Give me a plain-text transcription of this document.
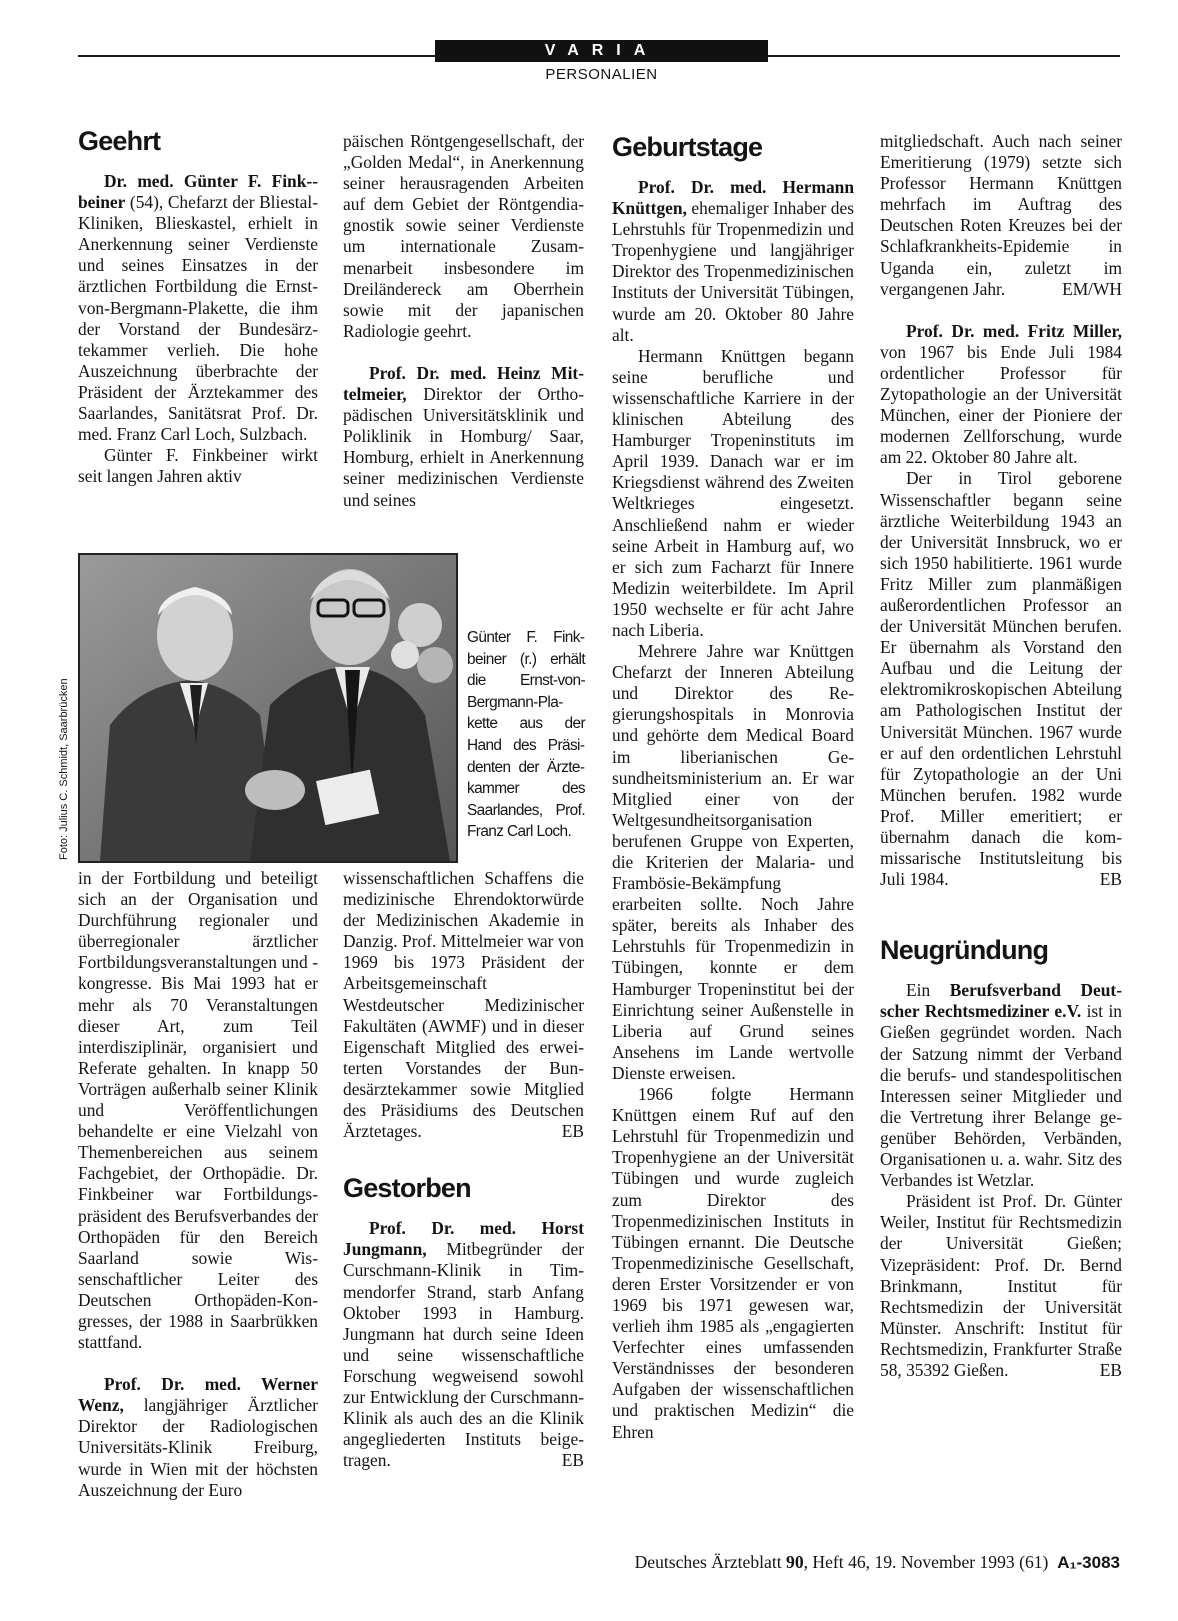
VARIA
PERSONALIEN
Geehrt

Dr. med. Günter F. Fink-beiner (54), Chefarzt der Bliestal-Kliniken, Blieskastel, erhielt in Anerkennung seiner Verdienste und seines Einsatzes in der ärztlichen Fortbildung die Ernst-von-Bergmann-Plakette, die ihm der Vorstand der Bundesärztekammer verlieh. Die hohe Auszeichnung überbrachte der Präsident der Ärztekammer des Saarlandes, Sanitätsrat Prof. Dr. med. Franz Carl Loch, Sulzbach.

Günter F. Finkbeiner wirkt seit langen Jahren aktiv

päischen Röntgengesellschaft, der „Golden Medal“, in Anerkennung seiner herausragenden Arbeiten auf dem Gebiet der Röntgendiagnostik sowie seiner Verdienste um internationale Zusammenarbeit insbesondere im Dreiländereck am Oberrhein sowie mit der japanischen Radiologie geehrt.

Prof. Dr. med. Heinz Mittelmeier, Direktor der Orthopädischen Universitätsklinik und Poliklinik in Homburg/ Saar, Homburg, erhielt in Anerkennung seiner medizinischen Verdienste und seines

Foto: Julius C. Schmidt, Saarbrücken
Günter F. Finkbeiner (r.) erhält die Ernst-von-Bergmann-Plakette aus der Hand des Präsidenten der Ärztekammer des Saarlandes, Prof. Franz Carl Loch.

in der Fortbildung und beteiligt sich an der Organisation und Durchführung regionaler und überregionaler ärztlicher Fortbildungsveranstaltungen und -kongresse. Bis Mai 1993 hat er mehr als 70 Veranstaltungen dieser Art, zum Teil interdisziplinär, organisiert und Referate gehalten. In knapp 50 Vorträgen außerhalb seiner Klinik und Veröffentlichungen behandelte er eine Vielzahl von Themenbereichen aus seinem Fachgebiet, der Orthopädie. Dr. Finkbeiner war Fortbildungspräsident des Berufsverbandes der Orthopäden für den Bereich Saarland sowie Wissenschaftlicher Leiter des Deutschen Orthopäden-Kongresses, der 1988 in Saarbrükken stattfand.

Prof. Dr. med. Werner Wenz, langjähriger Ärztlicher Direktor der Radiologischen Universitäts-Klinik Freiburg, wurde in Wien mit der höchsten Auszeichnung der Euro

wissenschaftlichen Schaffens die medizinische Ehrendoktorwürde der Medizinischen Akademie in Danzig. Prof. Mittelmeier war von 1969 bis 1973 Präsident der Arbeitsgemeinschaft Westdeutscher Medizinischer Fakultäten (AWMF) und in dieser Eigenschaft Mitglied des erweiterten Vorstandes der Bundesärztekammer sowie Mitglied des Präsidiums des Deutschen Ärztetages.	EB

Gestorben

Prof. Dr. med. Horst Jungmann, Mitbegründer der Curschmann-Klinik in Timmendorfer Strand, starb Anfang Oktober 1993 in Hamburg. Jungmann hat durch seine Ideen und seine wissenschaftliche Forschung wegweisend sowohl zur Entwicklung der Curschmann-Klinik als auch des an die Klinik angegliederten Instituts beigetragen.	EB

Geburtstage

Prof. Dr. med. Hermann Knüttgen, ehemaliger Inhaber des Lehrstuhls für Tropenmedizin und Tropenhygiene und langjähriger Direktor des Tropenmedizinischen Instituts der Universität Tübingen, wurde am 20. Oktober 80 Jahre alt.

Hermann Knüttgen begann seine berufliche und wissenschaftliche Karriere in der klinischen Abteilung des Hamburger Tropeninstituts im April 1939. Danach war er im Kriegsdienst während des Zweiten Weltkrieges eingesetzt. Anschließend nahm er wieder seine Arbeit in Hamburg auf, wo er sich zum Facharzt für Innere Medizin weiterbildete. Im April 1950 wechselte er für acht Jahre nach Liberia.

Mehrere Jahre war Knüttgen Chefarzt der Inneren Abteilung und Direktor des Regierungshospitals in Monrovia und gehörte dem Medical Board im liberianischen Gesundheitsministerium an. Er war Mitglied einer von der Weltgesundheitsorganisation berufenen Gruppe von Experten, die Kriterien der Malaria- und Frambösie-Bekämpfung erarbeiten sollte. Noch Jahre später, bereits als Inhaber des Lehrstuhls für Tropenmedizin in Tübingen, konnte er dem Hamburger Tropeninstitut bei der Einrichtung seiner Außenstelle in Liberia auf Grund seines Ansehens im Lande wertvolle Dienste erweisen.

1966 folgte Hermann Knüttgen einem Ruf auf den Lehrstuhl für Tropenmedizin und Tropenhygiene an der Universität Tübingen und wurde zugleich zum Direktor des Tropenmedizinischen Instituts in Tübingen ernannt. Die Deutsche Tropenmedizinische Gesellschaft, deren Erster Vorsitzender er von 1969 bis 1971 gewesen war, verlieh ihm 1985 als „engagierten Verfechter eines umfassenden Verständnisses der besonderen Aufgaben der wissenschaftlichen und praktischen Medizin“ die Ehren

mitgliedschaft. Auch nach seiner Emeritierung (1979) setzte sich Professor Hermann Knüttgen mehrfach im Auftrag des Deutschen Roten Kreuzes bei der Schlafkrankheits-Epidemie in Uganda ein, zuletzt im vergangenen Jahr.	EM/WH

Prof. Dr. med. Fritz Miller, von 1967 bis Ende Juli 1984 ordentlicher Professor für Zytopathologie an der Universität München, einer der Pioniere der modernen Zellforschung, wurde am 22. Oktober 80 Jahre alt.

Der in Tirol geborene Wissenschaftler begann seine ärztliche Weiterbildung 1943 an der Universität Innsbruck, wo er sich 1950 habilitierte. 1961 wurde Fritz Miller zum planmäßigen außerordentlichen Professor an der Universität München berufen. Er übernahm als Vorstand den Aufbau und die Leitung der elektromikroskopischen Abteilung am Pathologischen Institut der Universität München. 1967 wurde er auf den ordentlichen Lehrstuhl für Zytopathologie an der Uni München berufen. 1982 wurde Prof. Miller emeritiert; er übernahm danach die kommissarische Institutsleitung bis Juli 1984.	EB

Neugründung

Ein Berufsverband Deutscher Rechtsmediziner e.V. ist in Gießen gegründet worden. Nach der Satzung nimmt der Verband die berufs- und standespolitischen Interessen seiner Mitglieder und die Vertretung ihrer Belange gegenüber Behörden, Verbänden, Organisationen u. a. wahr. Sitz des Verbandes ist Wetzlar.

Präsident ist Prof. Dr. Günter Weiler, Institut für Rechtsmedizin der Universität Gießen; Vizepräsident: Prof. Dr. Bernd Brinkmann, Institut für Rechtsmedizin der Universität Münster. Anschrift: Institut für Rechtsmedizin, Frankfurter Straße 58, 35392 Gießen.	EB

Deutsches Ärzteblatt 90, Heft 46, 19. November 1993 (61) A₁-3083
